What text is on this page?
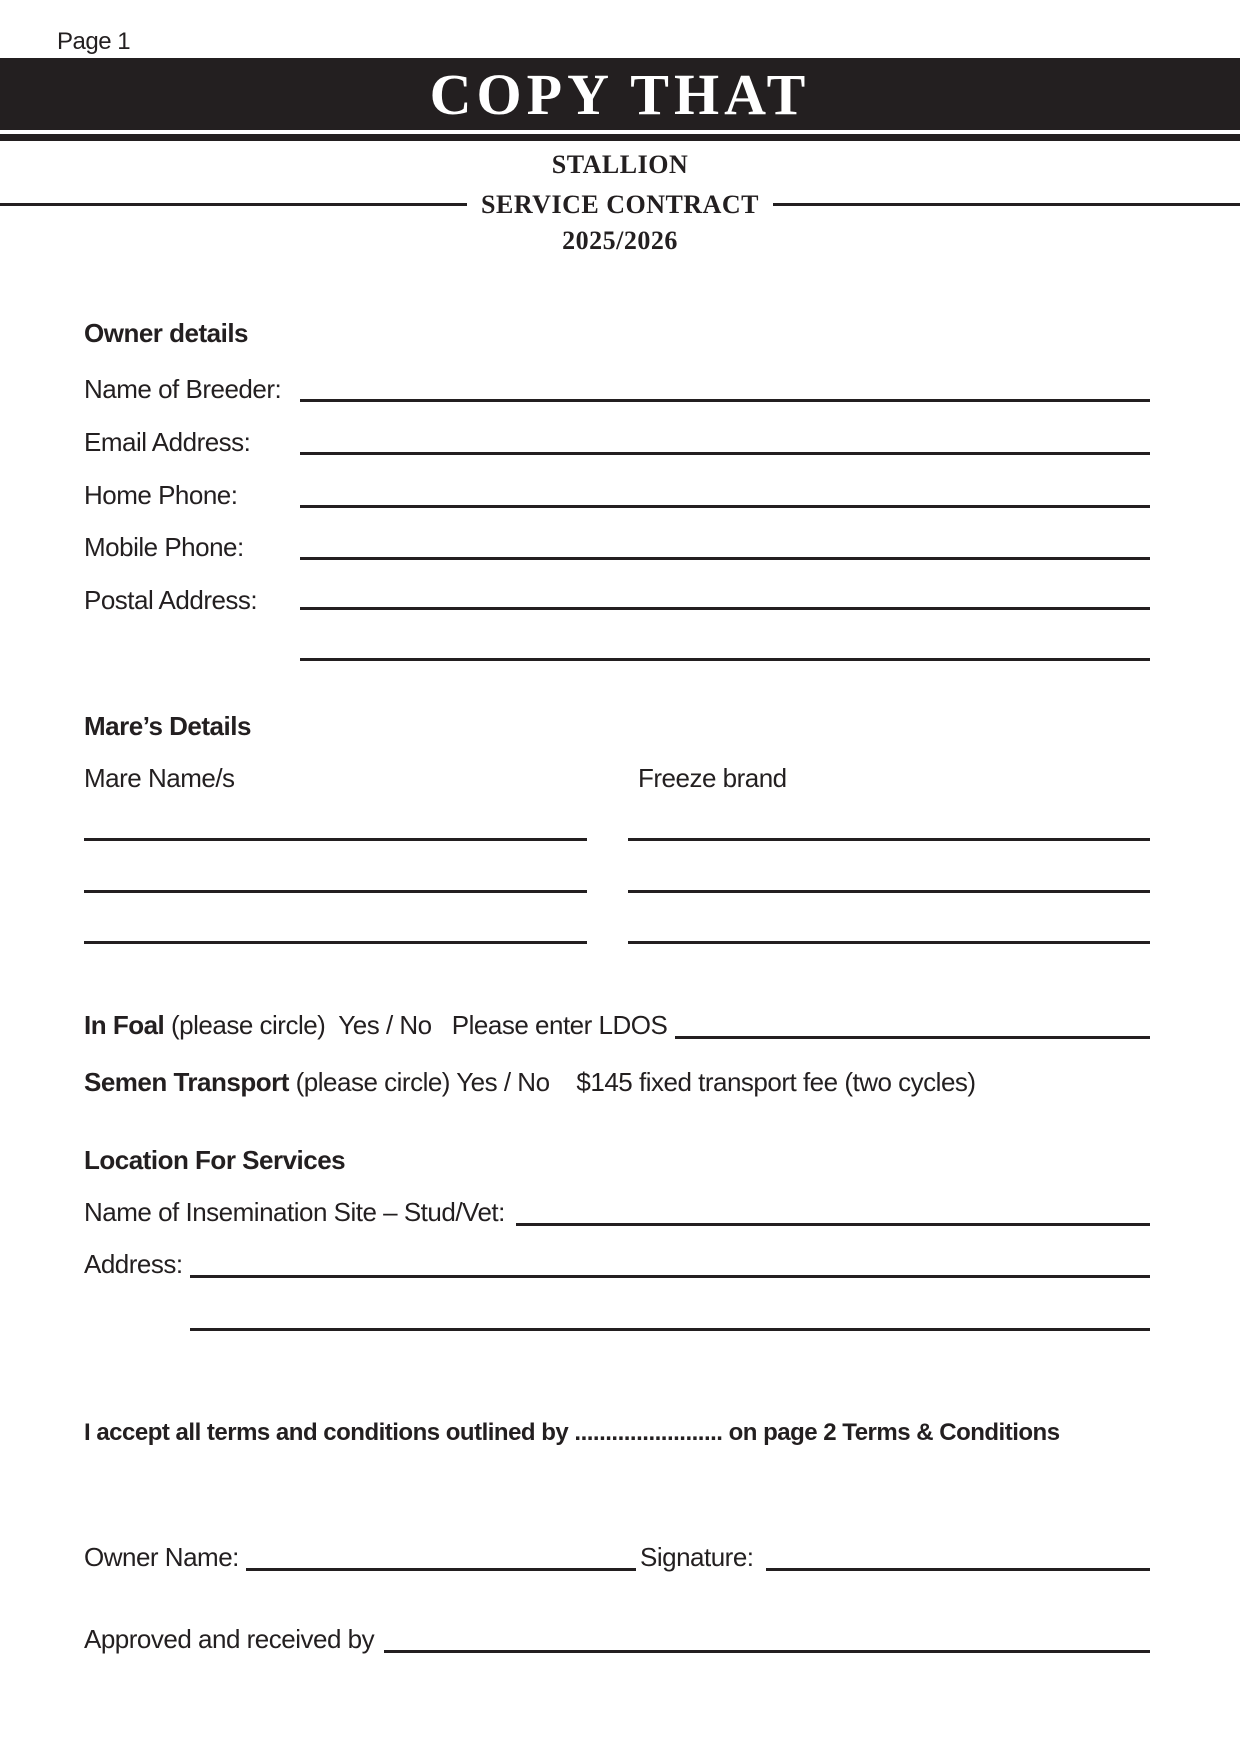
Page 1
COPY THAT
STALLION
SERVICE CONTRACT
2025/2026
Owner details
Name of Breeder:
Email Address:
Home Phone:
Mobile Phone:
Postal Address:
Mare’s Details
Mare Name/s	Freeze brand
In Foal (please circle)  Yes / No   Please enter LDOS
Semen Transport (please circle) Yes / No    $145 fixed transport fee (two cycles)
Location For Services
Name of Insemination Site – Stud/Vet:
Address:
I accept all terms and conditions outlined by ........................ on page 2 Terms & Conditions
Owner Name:	Signature:
Approved and received by
